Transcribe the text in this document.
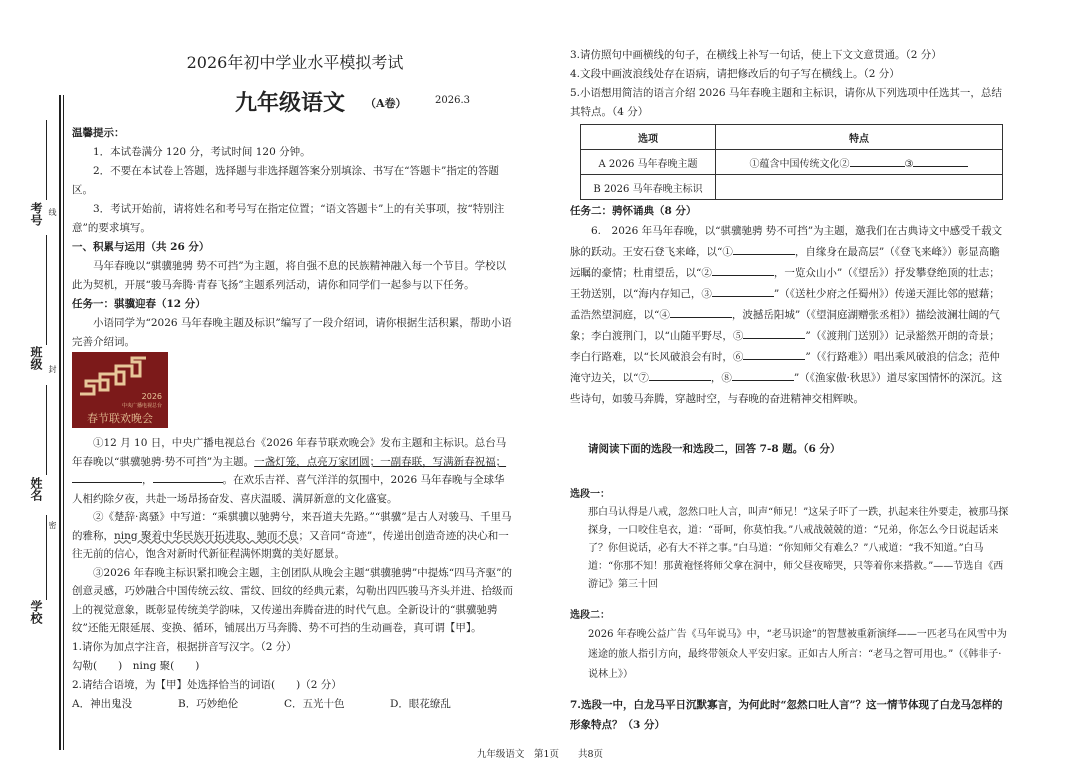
考号 线
班级 封
姓名
密
学校
2026年初中学业水平模拟考试
九年级语文 （A卷）	2026.3
温馨提示：
1．本试卷满分 120 分，考试时间 120 分钟。
2．不要在本试卷上答题，选择题与非选择题答案分别填涂、书写在“答题卡”指定的答题区。
3．考试开始前，请将姓名和考号写在指定位置；“语文答题卡”上的有关事项，按“特别注意”的要求填写。
一、积累与运用（共 26 分）
马年春晚以“骐骥驰骋 势不可挡”为主题，将自强不息的民族精神融入每一个节目。学校以此为契机，开展“骏马奔腾·青春飞扬”主题系列活动，请你和同学们一起参与以下任务。
任务一：骐骥迎春（12 分）
小语同学为“2026 马年春晚主题及标识”编写了一段介绍词，请你根据生活积累，帮助小语完善介绍词。
2026
中央广播电视总台
春节联欢晚会
①12 月 10 日，中央广播电视总台《2026 年春节联欢晚会》发布主题和主标识。总台马年春晚以“骐骥驰骋·势不可挡”为主题。一盏灯笼，点亮万家团圆；一副春联，写满新春祝福；，	。在欢乐吉祥、喜气洋洋的氛围中，2026 马年春晚与全球华人相约除夕夜，共赴一场昂扬奋发、喜庆温暖、满屏新意的文化盛宴。
②《楚辞·离骚》中写道：“乘骐骥以驰骋兮，来吾道夫先路。”“骐骥”是古人对骏马、千里马的雅称，ning 聚着中华民族开拓进取、驰而不息；又音同“奇迹”，传递出创造奇迹的决心和一往无前的信心，饱含对新时代新征程满怀期冀的美好愿景。
③2026 年春晚主标识紧扣晚会主题，主创团队从晚会主题“骐骥驰骋”中提炼“四马齐驱”的创意灵感，巧妙融合中国传统云纹、雷纹、回纹的经典元素，勾勒出四匹骏马齐头并进、拾级而上的视觉意象，既彰显传统美学韵味，又传递出奔腾奋进的时代气息。全新设计的“骐骥驰骋纹”还能无限延展、变换、循环，铺展出万马奔腾、势不可挡的生动画卷，真可谓【甲】。
1.请你为加点字注音，根据拼音写汉字。（2 分）
勾勒(　　)　 ning 聚(　　)
2.请结合语境，为【甲】处选择恰当的词语(　　)（2 分）
A．神出鬼没	B．巧妙绝伦	C．五光十色	D．眼花缭乱
3.请仿照句中画横线的句子，在横线上补写一句话，使上下文文意贯通。（2 分）
4.文段中画波浪线处存在语病，请把修改后的句子写在横线上。（2 分）
5.小语想用简洁的语言介绍 2026 马年春晚主题和主标识，请你从下列选项中任选其一，总结其特点。（4 分）
选项	特点
A 2026 马年春晚主题	①蕴含中国传统文化② ③
B 2026 马年春晚主标识	
任务二：骋怀诵典（8 分）
6.　 2026 年马年春晚，以“骐骥驰骋 势不可挡”为主题，邀我们在古典诗文中感受千载文脉的跃动。王安石登飞来峰，以“①	，自缘身在最高层”（《登飞来峰》）彰显高瞻远瞩的豪情；杜甫望岳，以“②	，一览众山小”（《望岳》）抒发攀登绝顶的壮志；王勃送别，以“海内存知己，③	”（《送杜少府之任蜀州》）传递天涯比邻的慰藉；孟浩然望洞庭，以“④	，波撼岳阳城”（《望洞庭湖赠张丞相》）描绘波澜壮阔的气象；李白渡荆门，以“山随平野尽，⑤	”（《渡荆门送别》）记录豁然开朗的奇景；李白行路难，以“长风破浪会有时，⑥	”（《行路难》）唱出乘风破浪的信念；范仲淹守边关，以“⑦	，⑧	”（《渔家傲·秋思》）道尽家国情怀的深沉。这些诗句，如骏马奔腾，穿越时空，与春晚的奋进精神交相辉映。
请阅读下面的选段一和选段二，回答 7-8 题。（6 分）
选段一：
那白马认得是八戒，忽然口吐人言，叫声“师兄！”这呆子吓了一跌，扒起来往外要走，被那马探探身，一口咬住皂衣，道：“哥呵，你莫怕我。”八戒战兢兢的道：“兄弟，你怎么今日说起话来了？你但说话，必有大不祥之事。”白马道：“你知师父有难么？”八戒道：“我不知道。”白马道：“你那不知！那黄袍怪将师父拿在洞中，师父昼夜啼哭，只等着你来搭救。”——节选自《西游记》第三十回
选段二：
2026 年春晚公益广告《马年说马》中，“老马识途”的智慧被重新演绎——一匹老马在风雪中为迷途的旅人指引方向，最终带领众人平安归家。正如古人所言：“老马之智可用也。”（《韩非子·说林上》）
7.选段一中，白龙马平日沉默寡言，为何此时“忽然口吐人言”？这一情节体现了白龙马怎样的形象特点？（3 分）
九年级语文　 第1页　　 共8页
